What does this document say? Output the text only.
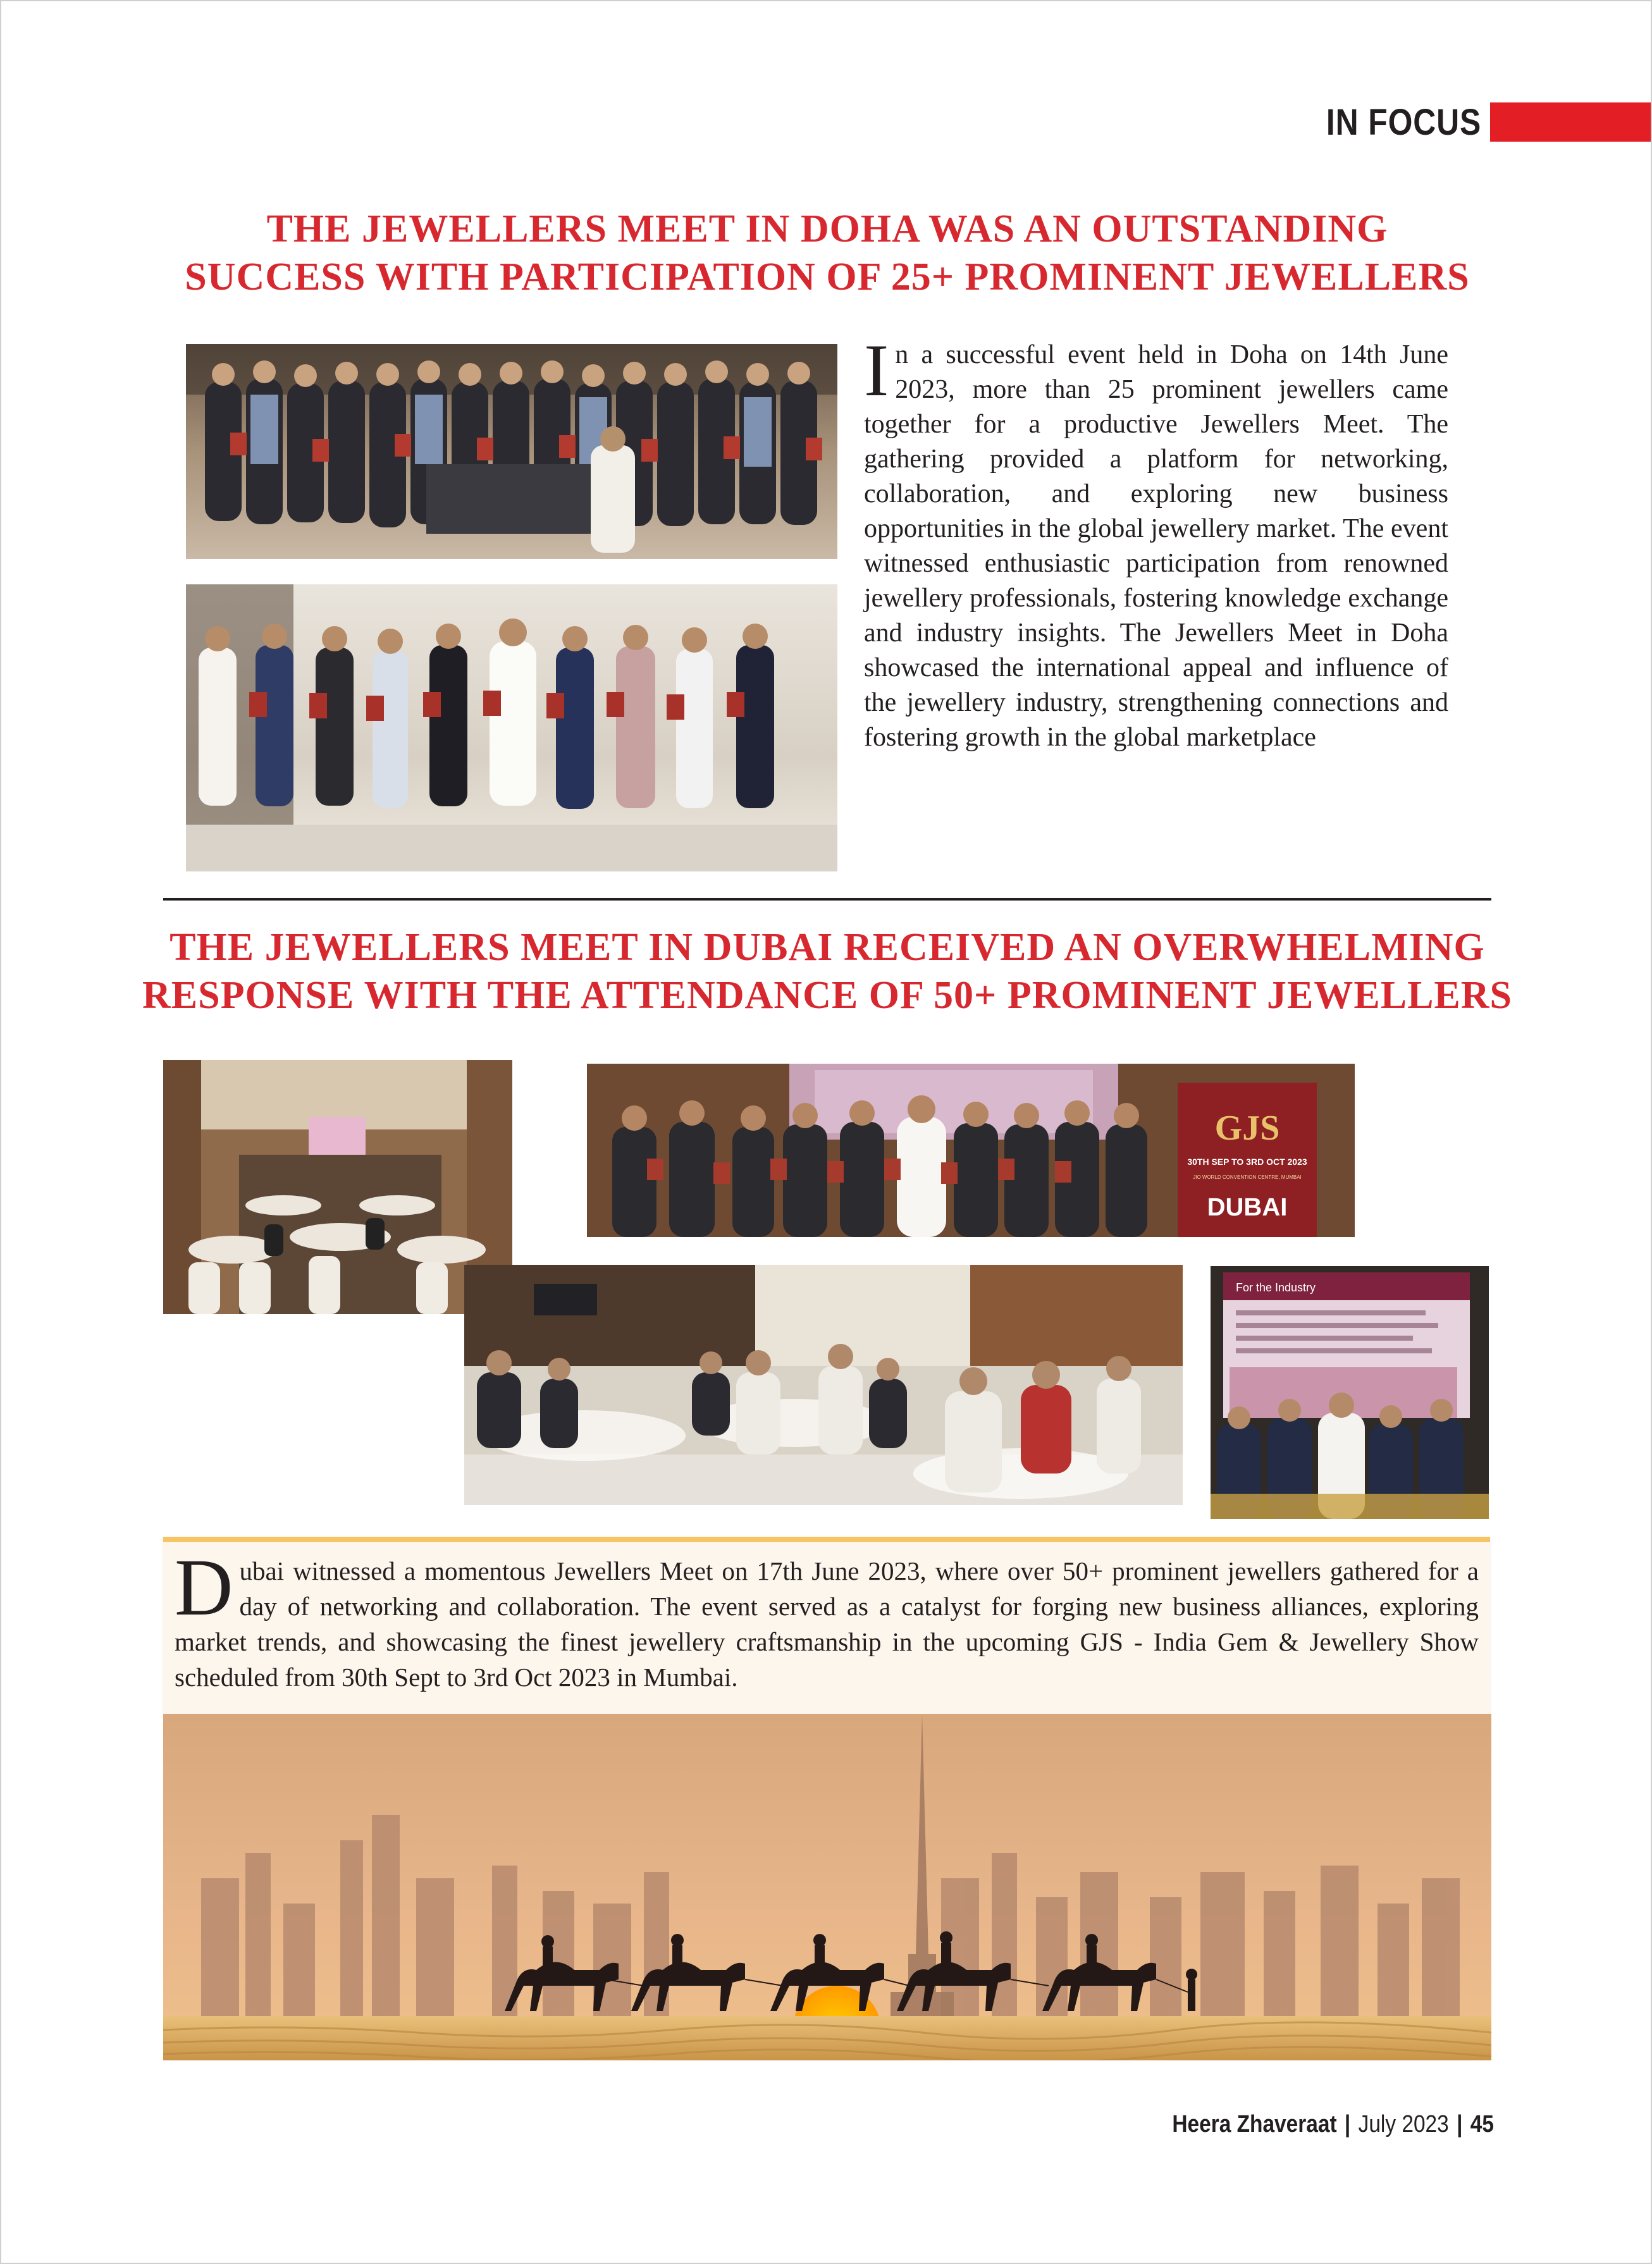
IN FOCUS
THE JEWELLERS MEET IN DOHA WAS AN OUTSTANDING
SUCCESS WITH PARTICIPATION OF 25+ PROMINENT JEWELLERS

In a successful event held in Doha on 14th June 2023, more than 25 prominent jewellers came together for a productive Jewellers Meet. The gathering provided a platform for networking, collaboration, and exploring new business opportunities in the global jewellery market. The event witnessed enthusiastic participation from renowned jewellery professionals, fostering knowledge exchange and industry insights. The Jewellers Meet in Doha showcased the international appeal and influence of the jewellery industry, strengthening connections and fostering growth in the global marketplace

THE JEWELLERS MEET IN DUBAI RECEIVED AN OVERWHELMING
RESPONSE WITH THE ATTENDANCE OF 50+ PROMINENT JEWELLERS
GJS
30TH SEP TO 3RD OCT 2023
JIO WORLD CONVENTION CENTRE, MUMBAI
DUBAI
For the Industry

Dubai witnessed a momentous Jewellers Meet on 17th June 2023, where over 50+ prominent jewellers gathered for a day of networking and collaboration. The event served as a catalyst for forging new business alliances, exploring market trends, and showcasing the finest jewellery craftsmanship in the upcoming GJS - India Gem & Jewellery Show scheduled from 30th Sept to 3rd Oct 2023 in Mumbai.

Heera Zhaveraat | July 2023 | 45
